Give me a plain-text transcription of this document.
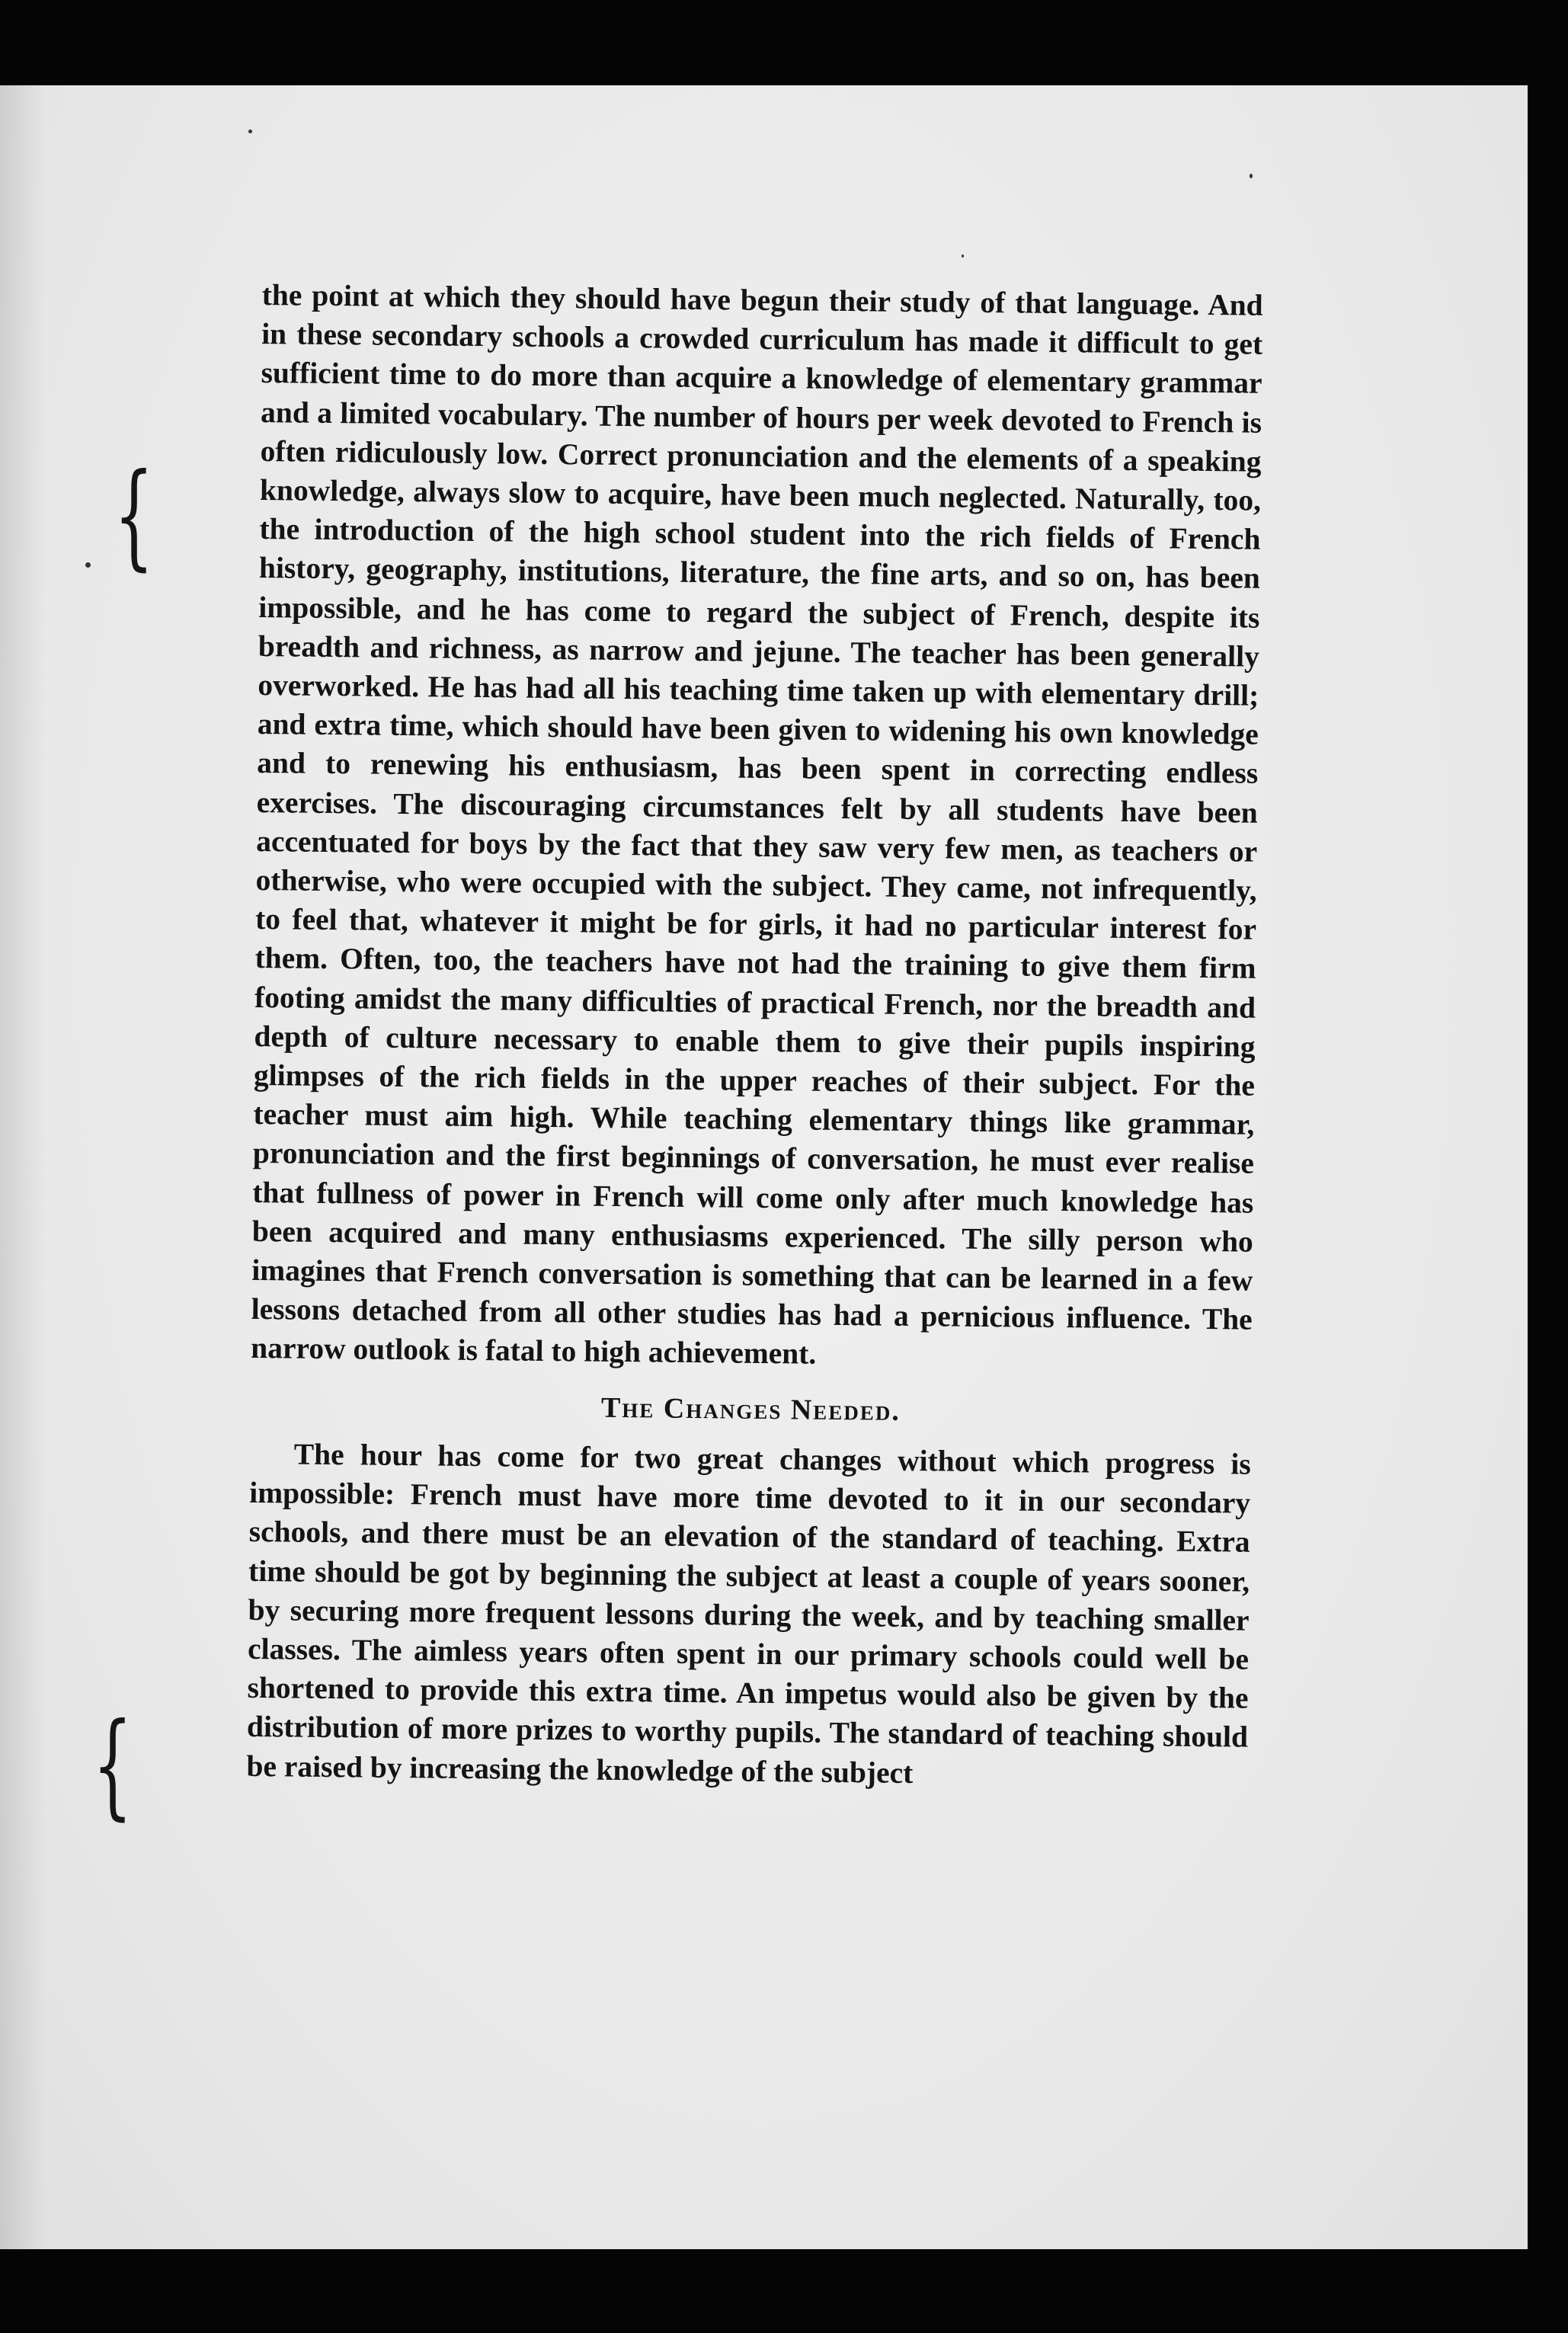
{
{

the point at which they should have begun their study of that language. And in these secondary schools a crowded curriculum has made it difficult to get sufficient time to do more than acquire a knowledge of elementary grammar and a limited vocabulary. The number of hours per week devoted to French is often ridiculously low. Correct pronunciation and the elements of a speaking knowledge, always slow to acquire, have been much neglected. Naturally, too, the introduction of the high school student into the rich fields of French history, geography, institutions, literature, the fine arts, and so on, has been impossible, and he has come to regard the subject of French, despite its breadth and richness, as narrow and jejune. The teacher has been generally overworked. He has had all his teaching time taken up with elementary drill; and extra time, which should have been given to widening his own knowledge and to renewing his enthusiasm, has been spent in correcting endless exercises. The discouraging circumstances felt by all students have been accentuated for boys by the fact that they saw very few men, as teachers or otherwise, who were occupied with the subject. They came, not infrequently, to feel that, whatever it might be for girls, it had no particular interest for them. Often, too, the teachers have not had the training to give them firm footing amidst the many difficulties of practical French, nor the breadth and depth of culture necessary to enable them to give their pupils inspiring glimpses of the rich fields in the upper reaches of their subject. For the teacher must aim high. While teaching elementary things like grammar, pronunciation and the first beginnings of conversation, he must ever realise that fullness of power in French will come only after much knowledge has been acquired and many enthusiasms experienced. The silly person who imagines that French conversation is something that can be learned in a few lessons detached from all other studies has had a pernicious influence. The narrow outlook is fatal to high achievement.

The Changes Needed.

The hour has come for two great changes without which progress is impossible: French must have more time devoted to it in our secondary schools, and there must be an elevation of the standard of teaching. Extra time should be got by beginning the subject at least a couple of years sooner, by securing more frequent lessons during the week, and by teaching smaller classes. The aimless years often spent in our primary schools could well be shortened to provide this extra time. An impetus would also be given by the distribution of more prizes to worthy pupils. The standard of teaching should be raised by increasing the knowledge of the subject
